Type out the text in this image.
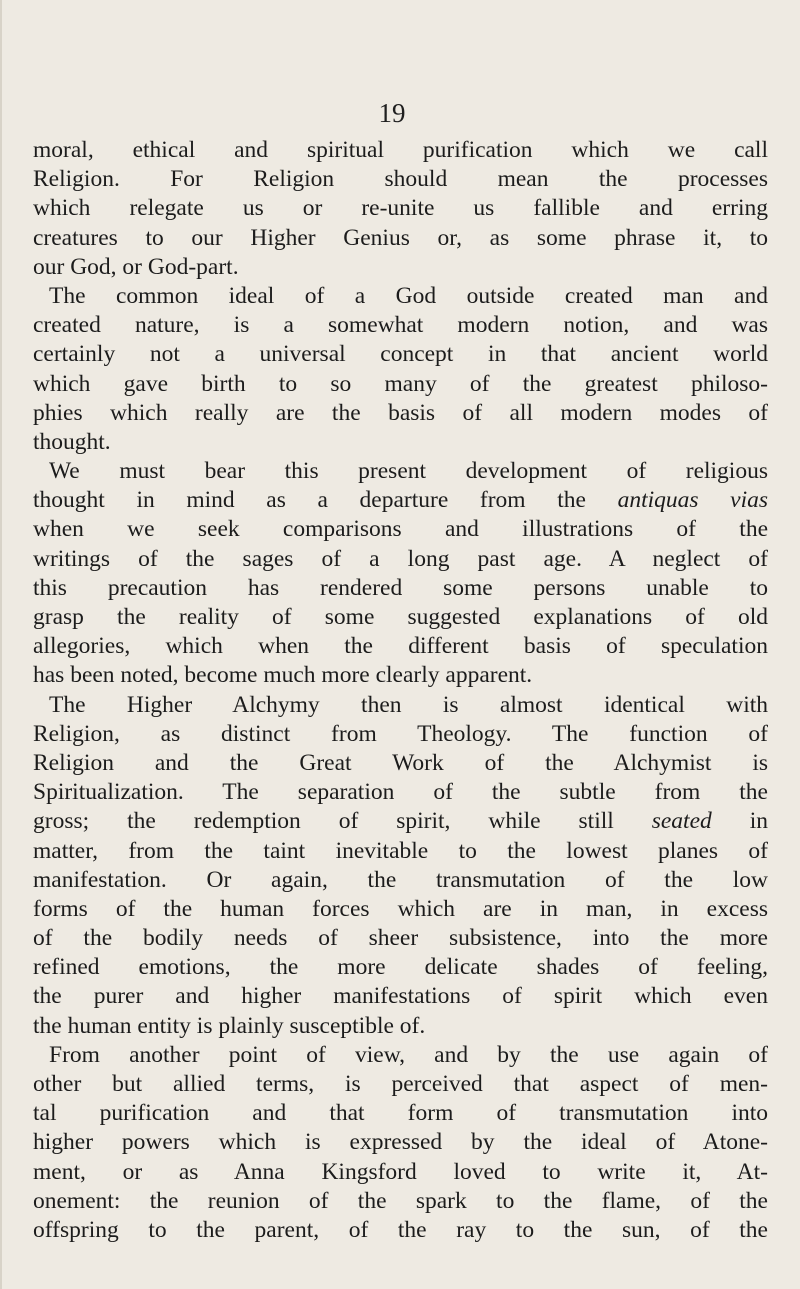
19
moral, ethical and spiritual purification which we call
Religion. For Religion should mean the processes
which relegate us or re-unite us fallible and erring
creatures to our Higher Genius or, as some phrase it, to
our God, or God-part.
The common ideal of a God outside created man and
created nature, is a somewhat modern notion, and was
certainly not a universal concept in that ancient world
which gave birth to so many of the greatest philoso-
phies which really are the basis of all modern modes of
thought.
We must bear this present development of religious
thought in mind as a departure from the antiquas vias
when we seek comparisons and illustrations of the
writings of the sages of a long past age. A neglect of
this precaution has rendered some persons unable to
grasp the reality of some suggested explanations of old
allegories, which when the different basis of speculation
has been noted, become much more clearly apparent.
The Higher Alchymy then is almost identical with
Religion, as distinct from Theology. The function of
Religion and the Great Work of the Alchymist is
Spiritualization. The separation of the subtle from the
gross; the redemption of spirit, while still seated in
matter, from the taint inevitable to the lowest planes of
manifestation. Or again, the transmutation of the low
forms of the human forces which are in man, in excess
of the bodily needs of sheer subsistence, into the more
refined emotions, the more delicate shades of feeling,
the purer and higher manifestations of spirit which even
the human entity is plainly susceptible of.
From another point of view, and by the use again of
other but allied terms, is perceived that aspect of men-
tal purification and that form of transmutation into
higher powers which is expressed by the ideal of Atone-
ment, or as Anna Kingsford loved to write it, At-
onement: the reunion of the spark to the flame, of the
offspring to the parent, of the ray to the sun, of the
